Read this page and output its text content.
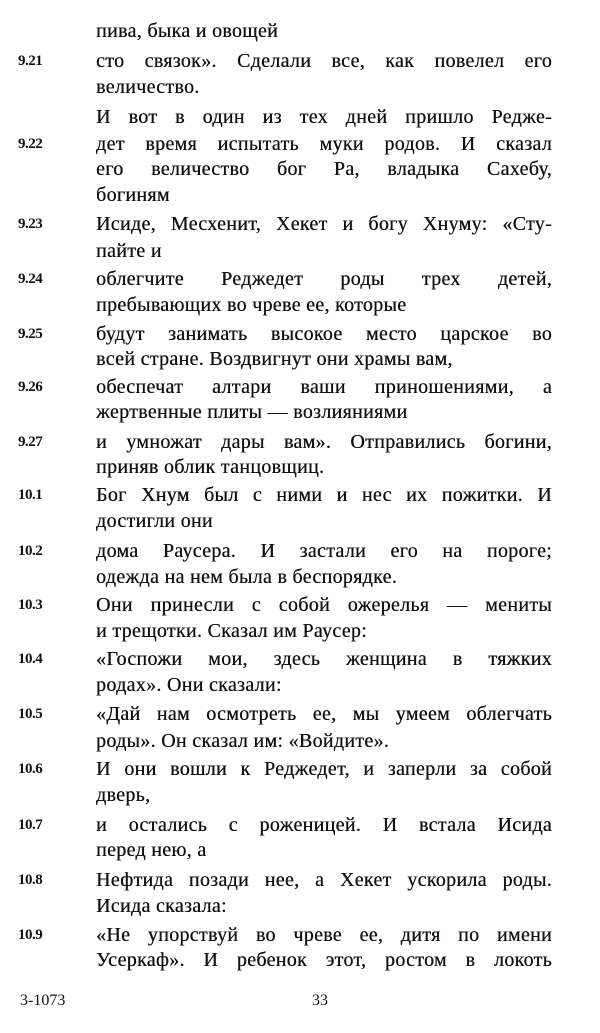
пива, быка и овощей
9.21	сто связок». Сделали все, как повелел его
величество.
И вот в один из тех дней пришло Редже-
9.22	дет время испытать муки родов. И сказал
его величество бог Ра, владыка Сахебу,
богиням
9.23	Исиде, Месхенит, Хекет и богу Хнуму: «Сту-
пайте и
9.24	облегчите Реджедет роды трех детей,
пребывающих во чреве ее, которые
9.25	будут занимать высокое место царское во
всей стране. Воздвигнут они храмы вам,
9.26	обеспечат алтари ваши приношениями, а
жертвенные плиты — возлияниями
9.27	и умножат дары вам». Отправились богини,
приняв облик танцовщиц.
10.1	Бог Хнум был с ними и нес их пожитки. И
достигли они
10.2	дома Раусера. И застали его на пороге;
одежда на нем была в беспорядке.
10.3	Они принесли с собой ожерелья — мениты
и трещотки. Сказал им Раусер:
10.4	«Госпожи мои, здесь женщина в тяжких
родах». Они сказали:
10.5	«Дай нам осмотреть ее, мы умеем облегчать
роды». Он сказал им: «Войдите».
10.6	И они вошли к Реджедет, и заперли за собой
дверь,
10.7	и остались с роженицей. И встала Исида
перед нею, а
10.8	Нефтида позади нее, а Хекет ускорила роды.
Исида сказала:
10.9	«Не упорствуй во чреве ее, дитя по имени
Усеркаф». И ребенок этот, ростом в локоть
3-1073	33
